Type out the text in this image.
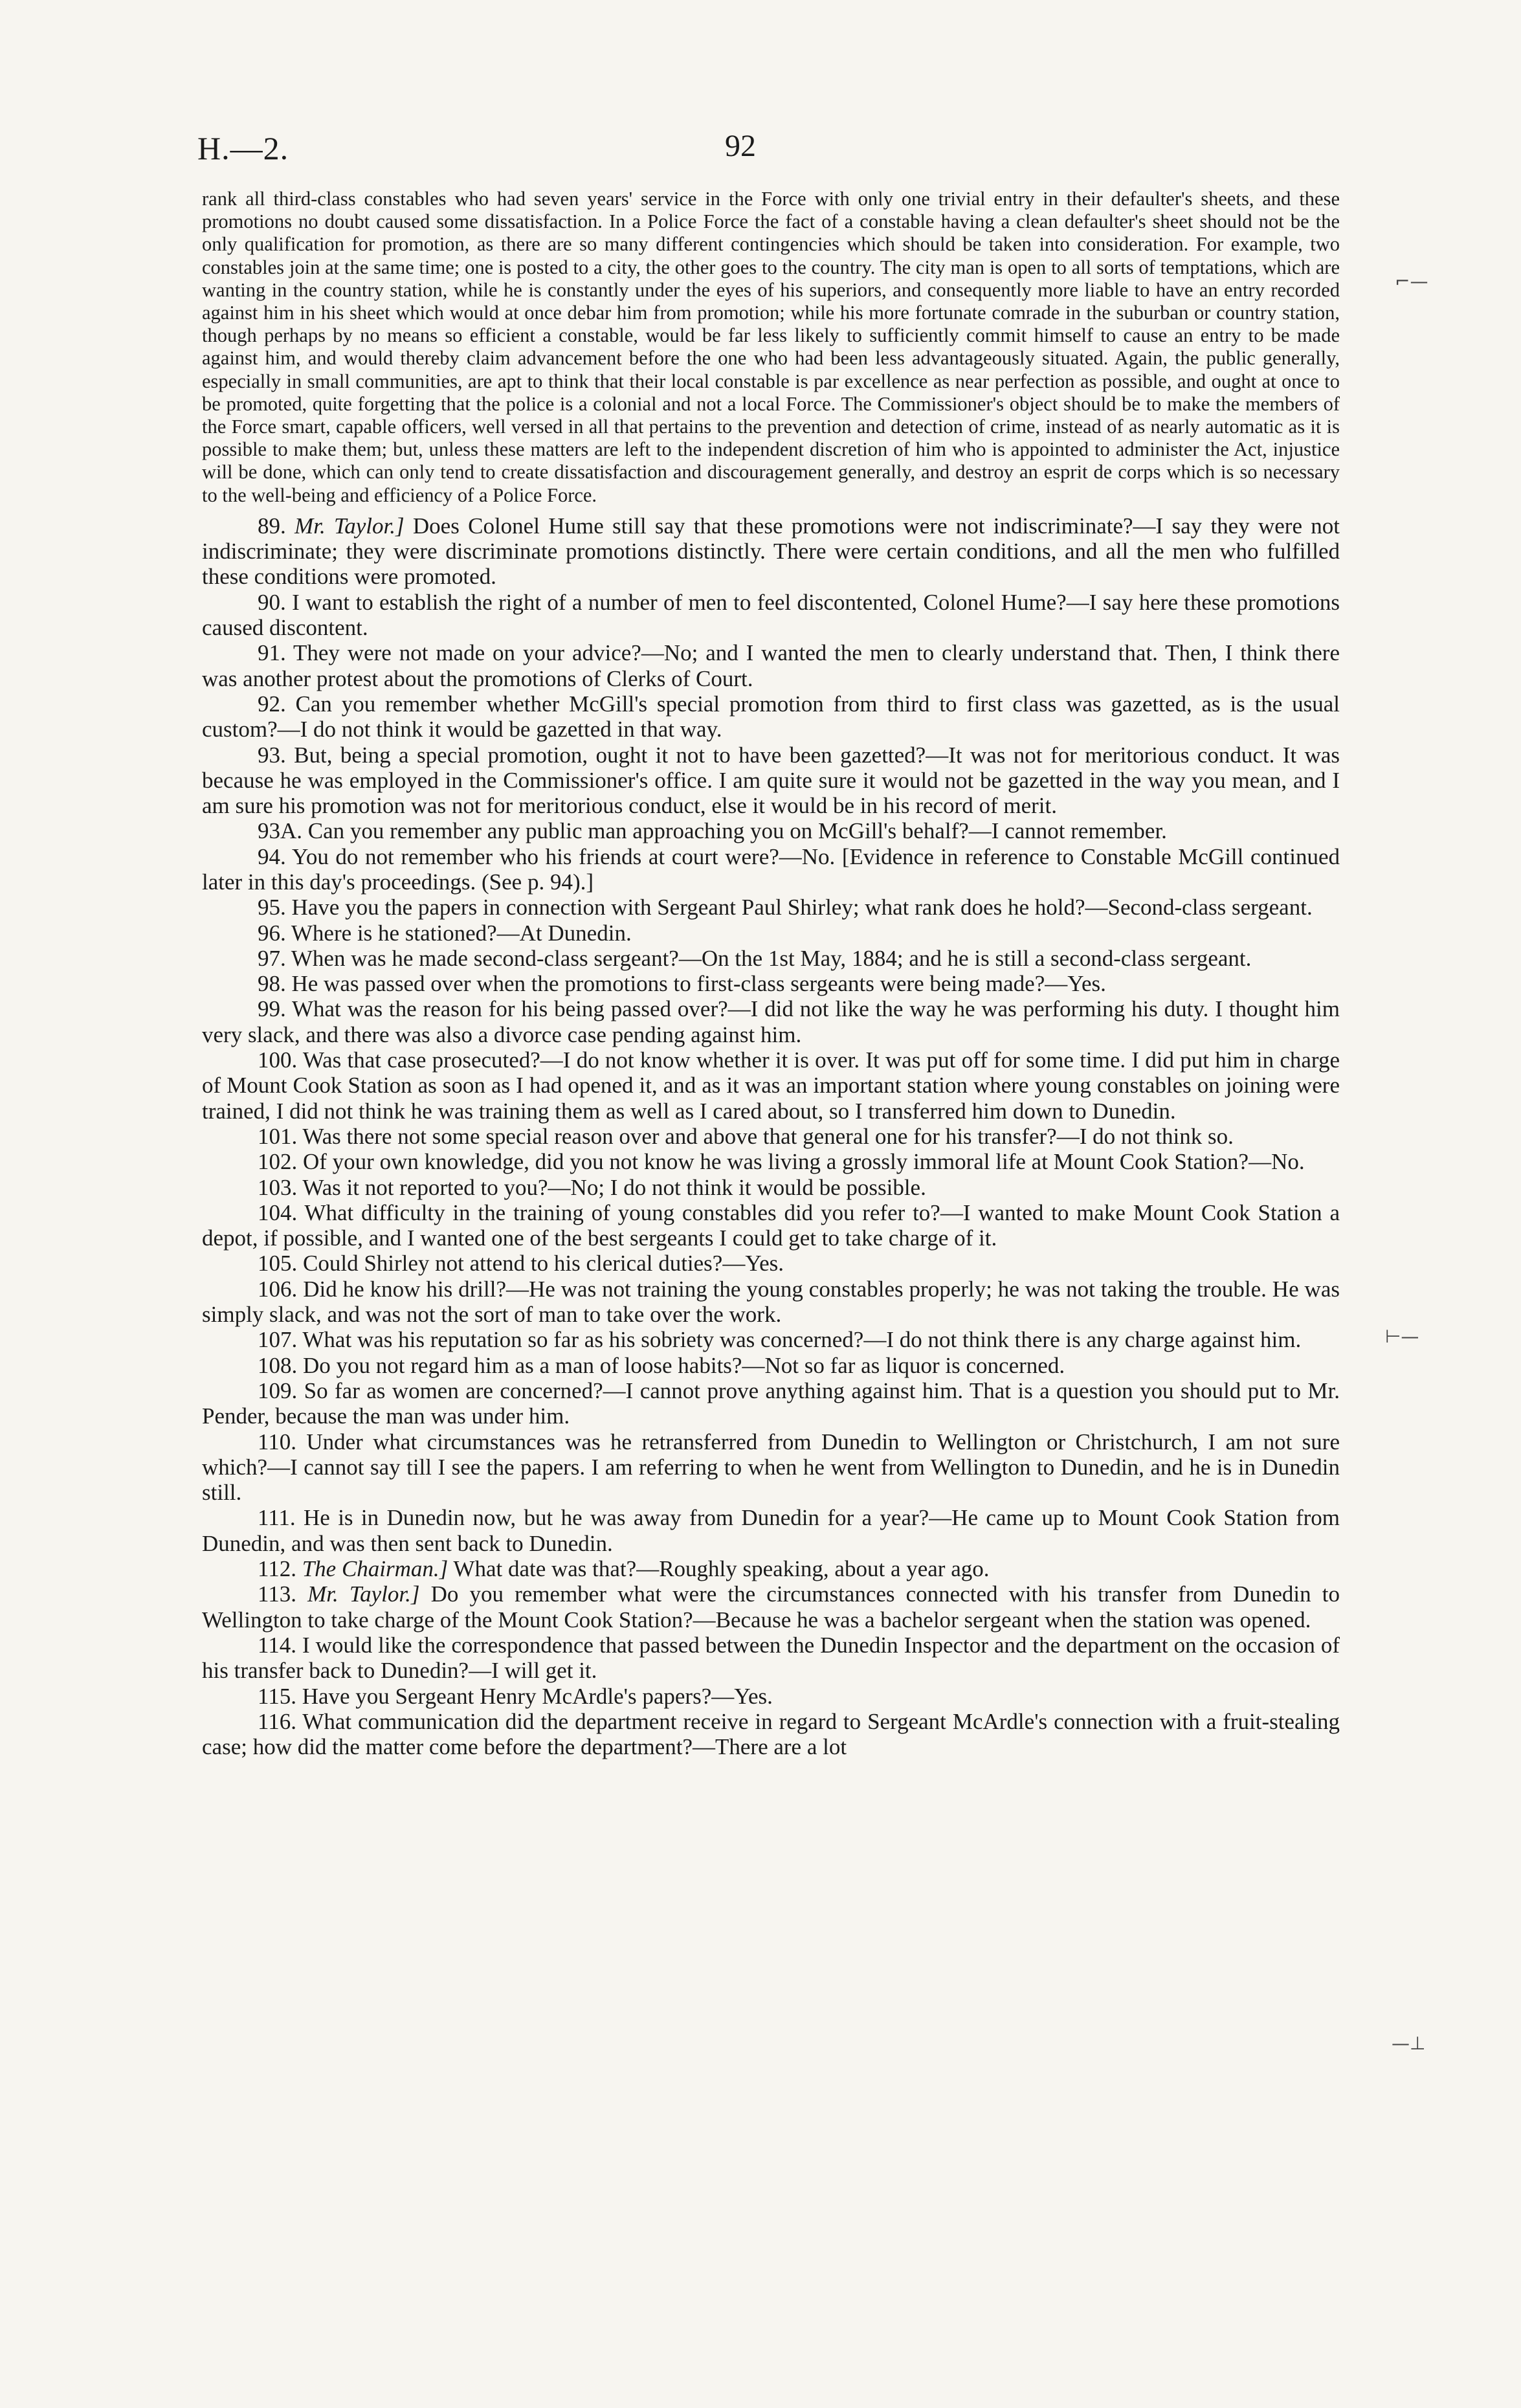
H.—2.	92

rank all third-class constables who had seven years' service in the Force with only one trivial entry in their defaulter's sheets, and these promotions no doubt caused some dissatisfaction. In a Police Force the fact of a constable having a clean defaulter's sheet should not be the only qualification for promotion, as there are so many different contingencies which should be taken into consideration. For example, two constables join at the same time; one is posted to a city, the other goes to the country. The city man is open to all sorts of temptations, which are wanting in the country station, while he is constantly under the eyes of his superiors, and consequently more liable to have an entry recorded against him in his sheet which would at once debar him from promotion; while his more fortunate comrade in the suburban or country station, though perhaps by no means so efficient a constable, would be far less likely to sufficiently commit himself to cause an entry to be made against him, and would thereby claim advancement before the one who had been less advantageously situated. Again, the public generally, especially in small communities, are apt to think that their local constable is par excellence as near perfection as possible, and ought at once to be promoted, quite forgetting that the police is a colonial and not a local Force. The Commissioner's object should be to make the members of the Force smart, capable officers, well versed in all that pertains to the prevention and detection of crime, instead of as nearly automatic as it is possible to make them; but, unless these matters are left to the independent discretion of him who is appointed to administer the Act, injustice will be done, which can only tend to create dissatisfaction and discouragement generally, and destroy an esprit de corps which is so necessary to the well-being and efficiency of a Police Force.

89. Mr. Taylor.] Does Colonel Hume still say that these promotions were not indiscriminate?—I say they were not indiscriminate; they were discriminate promotions distinctly. There were certain conditions, and all the men who fulfilled these conditions were promoted.

90. I want to establish the right of a number of men to feel discontented, Colonel Hume?—I say here these promotions caused discontent.

91. They were not made on your advice?—No; and I wanted the men to clearly understand that. Then, I think there was another protest about the promotions of Clerks of Court.

92. Can you remember whether McGill's special promotion from third to first class was gazetted, as is the usual custom?—I do not think it would be gazetted in that way.

93. But, being a special promotion, ought it not to have been gazetted?—It was not for meritorious conduct. It was because he was employed in the Commissioner's office. I am quite sure it would not be gazetted in the way you mean, and I am sure his promotion was not for meritorious conduct, else it would be in his record of merit.

93A. Can you remember any public man approaching you on McGill's behalf?—I cannot remember.

94. You do not remember who his friends at court were?—No. [Evidence in reference to Constable McGill continued later in this day's proceedings. (See p. 94).]

95. Have you the papers in connection with Sergeant Paul Shirley; what rank does he hold?—Second-class sergeant.

96. Where is he stationed?—At Dunedin.

97. When was he made second-class sergeant?—On the 1st May, 1884; and he is still a second-class sergeant.

98. He was passed over when the promotions to first-class sergeants were being made?—Yes.

99. What was the reason for his being passed over?—I did not like the way he was performing his duty. I thought him very slack, and there was also a divorce case pending against him.

100. Was that case prosecuted?—I do not know whether it is over. It was put off for some time. I did put him in charge of Mount Cook Station as soon as I had opened it, and as it was an important station where young constables on joining were trained, I did not think he was training them as well as I cared about, so I transferred him down to Dunedin.

101. Was there not some special reason over and above that general one for his transfer?—I do not think so.

102. Of your own knowledge, did you not know he was living a grossly immoral life at Mount Cook Station?—No.

103. Was it not reported to you?—No; I do not think it would be possible.

104. What difficulty in the training of young constables did you refer to?—I wanted to make Mount Cook Station a depot, if possible, and I wanted one of the best sergeants I could get to take charge of it.

105. Could Shirley not attend to his clerical duties?—Yes.

106. Did he know his drill?—He was not training the young constables properly; he was not taking the trouble. He was simply slack, and was not the sort of man to take over the work.

107. What was his reputation so far as his sobriety was concerned?—I do not think there is any charge against him.

108. Do you not regard him as a man of loose habits?—Not so far as liquor is concerned.

109. So far as women are concerned?—I cannot prove anything against him. That is a question you should put to Mr. Pender, because the man was under him.

110. Under what circumstances was he retransferred from Dunedin to Wellington or Christchurch, I am not sure which?—I cannot say till I see the papers. I am referring to when he went from Wellington to Dunedin, and he is in Dunedin still.

111. He is in Dunedin now, but he was away from Dunedin for a year?—He came up to Mount Cook Station from Dunedin, and was then sent back to Dunedin.

112. The Chairman.] What date was that?—Roughly speaking, about a year ago.

113. Mr. Taylor.] Do you remember what were the circumstances connected with his transfer from Dunedin to Wellington to take charge of the Mount Cook Station?—Because he was a bachelor sergeant when the station was opened.

114. I would like the correspondence that passed between the Dunedin Inspector and the department on the occasion of his transfer back to Dunedin?—I will get it.

115. Have you Sergeant Henry McArdle's papers?—Yes.

116. What communication did the department receive in regard to Sergeant McArdle's connection with a fruit-stealing case; how did the matter come before the department?—There are a lot

⌐—
⊢—
—⊥
